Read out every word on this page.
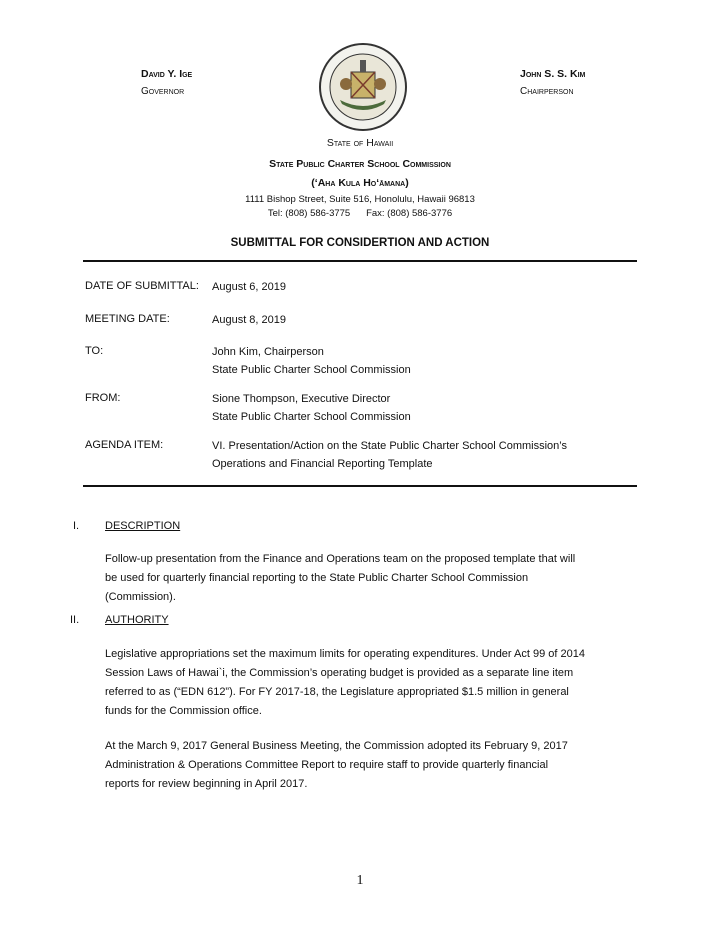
David Y. Ige
Governor
John S. S. Kim
Chairperson
State of Hawaii
State Public Charter School Commission
(ʻAha Kula Hoʻāmana)
1111 Bishop Street, Suite 516, Honolulu, Hawaii 96813
Tel: (808) 586-3775 Fax: (808) 586-3776
SUBMITTAL FOR CONSIDERTION AND ACTION
DATE OF SUBMITTAL: August 6, 2019
MEETING DATE:	August 8, 2019
TO:	John Kim, Chairperson
State Public Charter School Commission
FROM:	Sione Thompson, Executive Director
State Public Charter School Commission
AGENDA ITEM:	VI. Presentation/Action on the State Public Charter School Commission’s
Operations and Financial Reporting Template
I. DESCRIPTION
Follow-up presentation from the Finance and Operations team on the proposed template that will
be used for quarterly financial reporting to the State Public Charter School Commission
(Commission).
II. AUTHORITY
Legislative appropriations set the maximum limits for operating expenditures. Under Act 99 of 2014
Session Laws of Hawai`i, the Commission’s operating budget is provided as a separate line item
referred to as (“EDN 612”). For FY 2017-18, the Legislature appropriated $1.5 million in general
funds for the Commission office.
At the March 9, 2017 General Business Meeting, the Commission adopted its February 9, 2017
Administration & Operations Committee Report to require staff to provide quarterly financial
reports for review beginning in April 2017.
1
